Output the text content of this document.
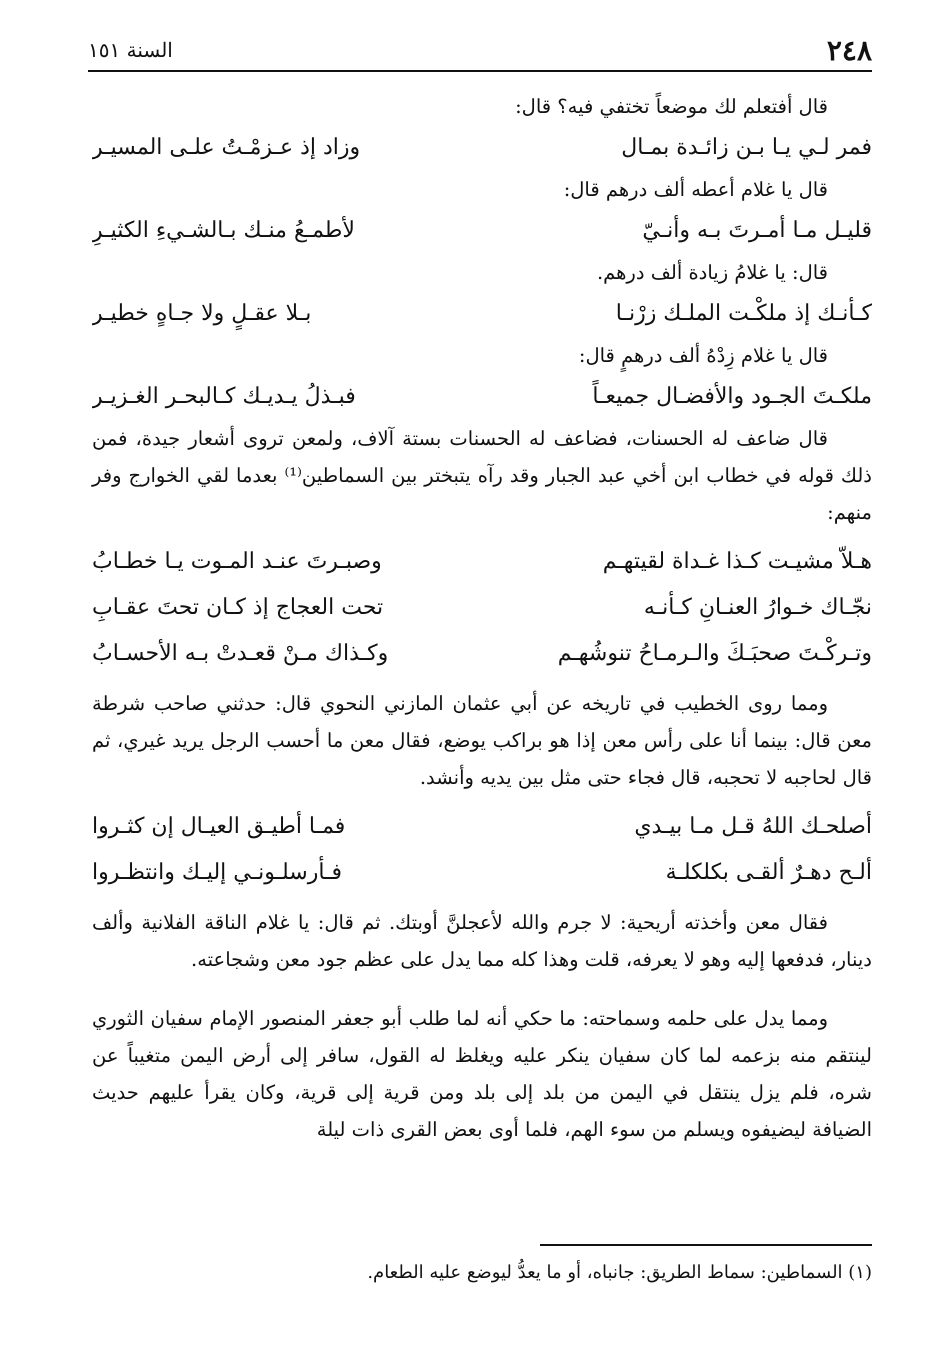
٢٤٨
السنة ١٥١

قال أفتعلم لك موضعاً تختفي فيه؟ قال:

فمر لـي يـا بـن زائـدة بمـال
وزاد إذ عـزمْـتُ علـى المسيـر

قال يا غلام أعطه ألف درهم قال:

قليـل مـا أمـرتَ بـه وأنـيّ
لأطمـعُ منـك بـالشـيءِ الكثيـرِ

قال: يا غلامُ زيادة ألف درهم.

كـأنـك إذ ملكْـت الملـك زرْنـا
بـلا عقـلٍ ولا جـاهٍ خطيـر

قال يا غلام زِدْهُ ألف درهمٍ قال:

ملكـتَ الجـود والأفضـال جميعـاً
فبـذلُ يـديـك كـالبحـر الغـزيـر

قال ضاعف له الحسنات، فضاعف له الحسنات بستة آلاف، ولمعن تروى أشعار جيدة، فمن ذلك قوله في خطاب ابن أخي عبد الجبار وقد رآه يتبختر بين السماطين⁽¹⁾ بعدما لقي الخوارج وفر منهم:

هـلاّ مشيـت كـذا غـداة لقيتهـم
وصبـرتَ عنـد المـوت يـا خطـابُ
نجّـاك خـوارُ العنـانِ كـأنـه
تحت العجاج إذ كـان تحتَ عقـابِ
وتـركْـتَ صحبَـكَ والـرمـاحُ تنوشُهـم
وكـذاك مـنْ قعـدتْ بـه الأحسـابُ

ومما روى الخطيب في تاريخه عن أبي عثمان المازني النحوي قال: حدثني صاحب شرطة معن قال: بينما أنا على رأس معن إذا هو براكب يوضع، فقال معن ما أحسب الرجل يريد غيري، ثم قال لحاجبه لا تحجبه، قال فجاء حتى مثل بين يديه وأنشد.

أصلحـك اللهُ قـل مـا بيـدي
فمـا أطيـق العيـال إن كثـروا
ألـح دهـرٌ ألقـى بكلكلـة
فـأرسلـونـي إليـك وانتظـروا

فقال معن وأخذته أريحية: لا جرم والله لأعجلنَّ أوبتك. ثم قال: يا غلام الناقة الفلانية وألف دينار، فدفعها إليه وهو لا يعرفه، قلت وهذا كله مما يدل على عظم جود معن وشجاعته.

ومما يدل على حلمه وسماحته: ما حكي أنه لما طلب أبو جعفر المنصور الإمام سفيان الثوري لينتقم منه بزعمه لما كان سفيان ينكر عليه ويغلظ له القول، سافر إلى أرض اليمن متغيباً عن شره، فلم يزل ينتقل في اليمن من بلد إلى بلد ومن قرية إلى قرية، وكان يقرأ عليهم حديث الضيافة ليضيفوه ويسلم من سوء الهم، فلما أوى بعض القرى ذات ليلة

(١) السماطين: سماط الطريق: جانباه، أو ما يعدُّ ليوضع عليه الطعام.
